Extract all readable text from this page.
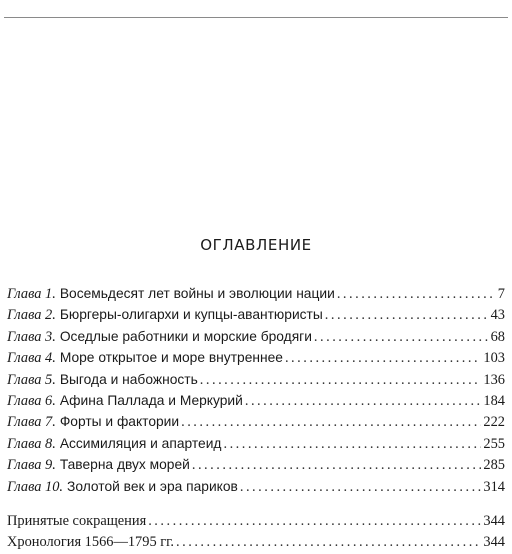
ОГЛАВЛЕНИЕ
Глава 1. Восемьдесят лет войны и эволюции нации .....	7
Глава 2. Бюргеры-олигархи и купцы-авантюристы .....	43
Глава 3. Оседлые работники и морские бродяги .....	68
Глава 4. Море открытое и море внутреннее .....	103
Глава 5. Выгода и набожность .....	136
Глава 6. Афина Паллада и Меркурий .....	184
Глава 7. Форты и фактории .....	222
Глава 8. Ассимиляция и апартеид .....	255
Глава 9. Таверна двух морей .....	285
Глава 10. Золотой век и эра париков .....	314
Принятые сокращения .....	344
Хронология 1566—1795 гг. .....	344
